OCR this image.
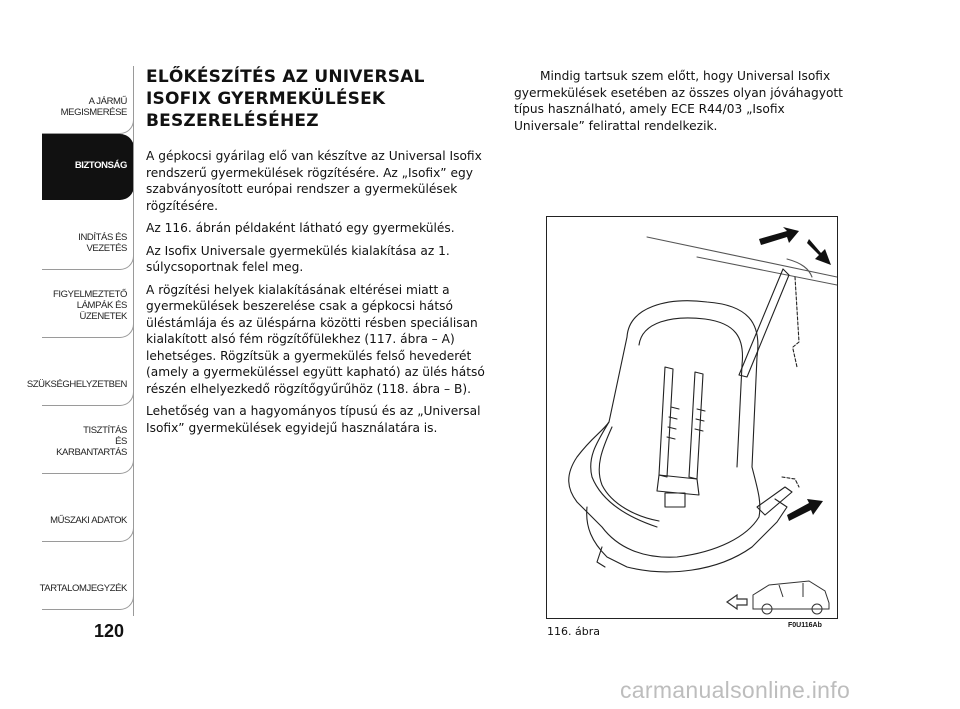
A JÁRMŰ
MEGISMERÉSE
BIZTONSÁG
INDÍTÁS ÉS VEZETÉS
FIGYELMEZTETŐ
LÁMPÁK ÉS
ÜZENETEK
SZÜKSÉGHELYZETBEN
TISZTÍTÁS
ÉS KARBANTARTÁS
MŰSZAKI ADATOK
TARTALOMJEGYZÉK
120
ELŐKÉSZÍTÉS AZ UNIVERSAL ISOFIX GYERMEKÜLÉSEK BESZERELÉSÉHEZ

A gépkocsi gyárilag elő van készítve az Universal Isofix rendszerű gyermekülések rögzítésére. Az „Isofix” egy szabványosított európai rendszer a gyermekülések rögzítésére.

Az 116. ábrán példaként látható egy gyermekülés.

Az Isofix Universale gyermekülés kialakítása az 1. súlycsoportnak felel meg.

A rögzítési helyek kialakításának eltérései miatt a gyermekülések beszerelése csak a gépkocsi hátsó üléstámlája és az üléspárna közötti résben speciálisan kialakított alsó fém rögzítőfülekhez (117. ábra – A) lehetséges. Rögzítsük a gyermekülés felső hevederét (amely a gyermeküléssel együtt kapható) az ülés hátsó részén elhelyezkedő rögzítőgyűrűhöz (118. ábra – B).

Lehetőség van a hagyományos típusú és az „Universal Isofix” gyermekülések egyidejű használatára is.

Mindig tartsuk szem előtt, hogy Universal Isofix gyermekülések esetében az összes olyan jóváhagyott típus használható, amely ECE R44/03 „Isofix Universale” felirattal rendelkezik.
116. ábra	F0U116Ab
carmanualsonline.info
